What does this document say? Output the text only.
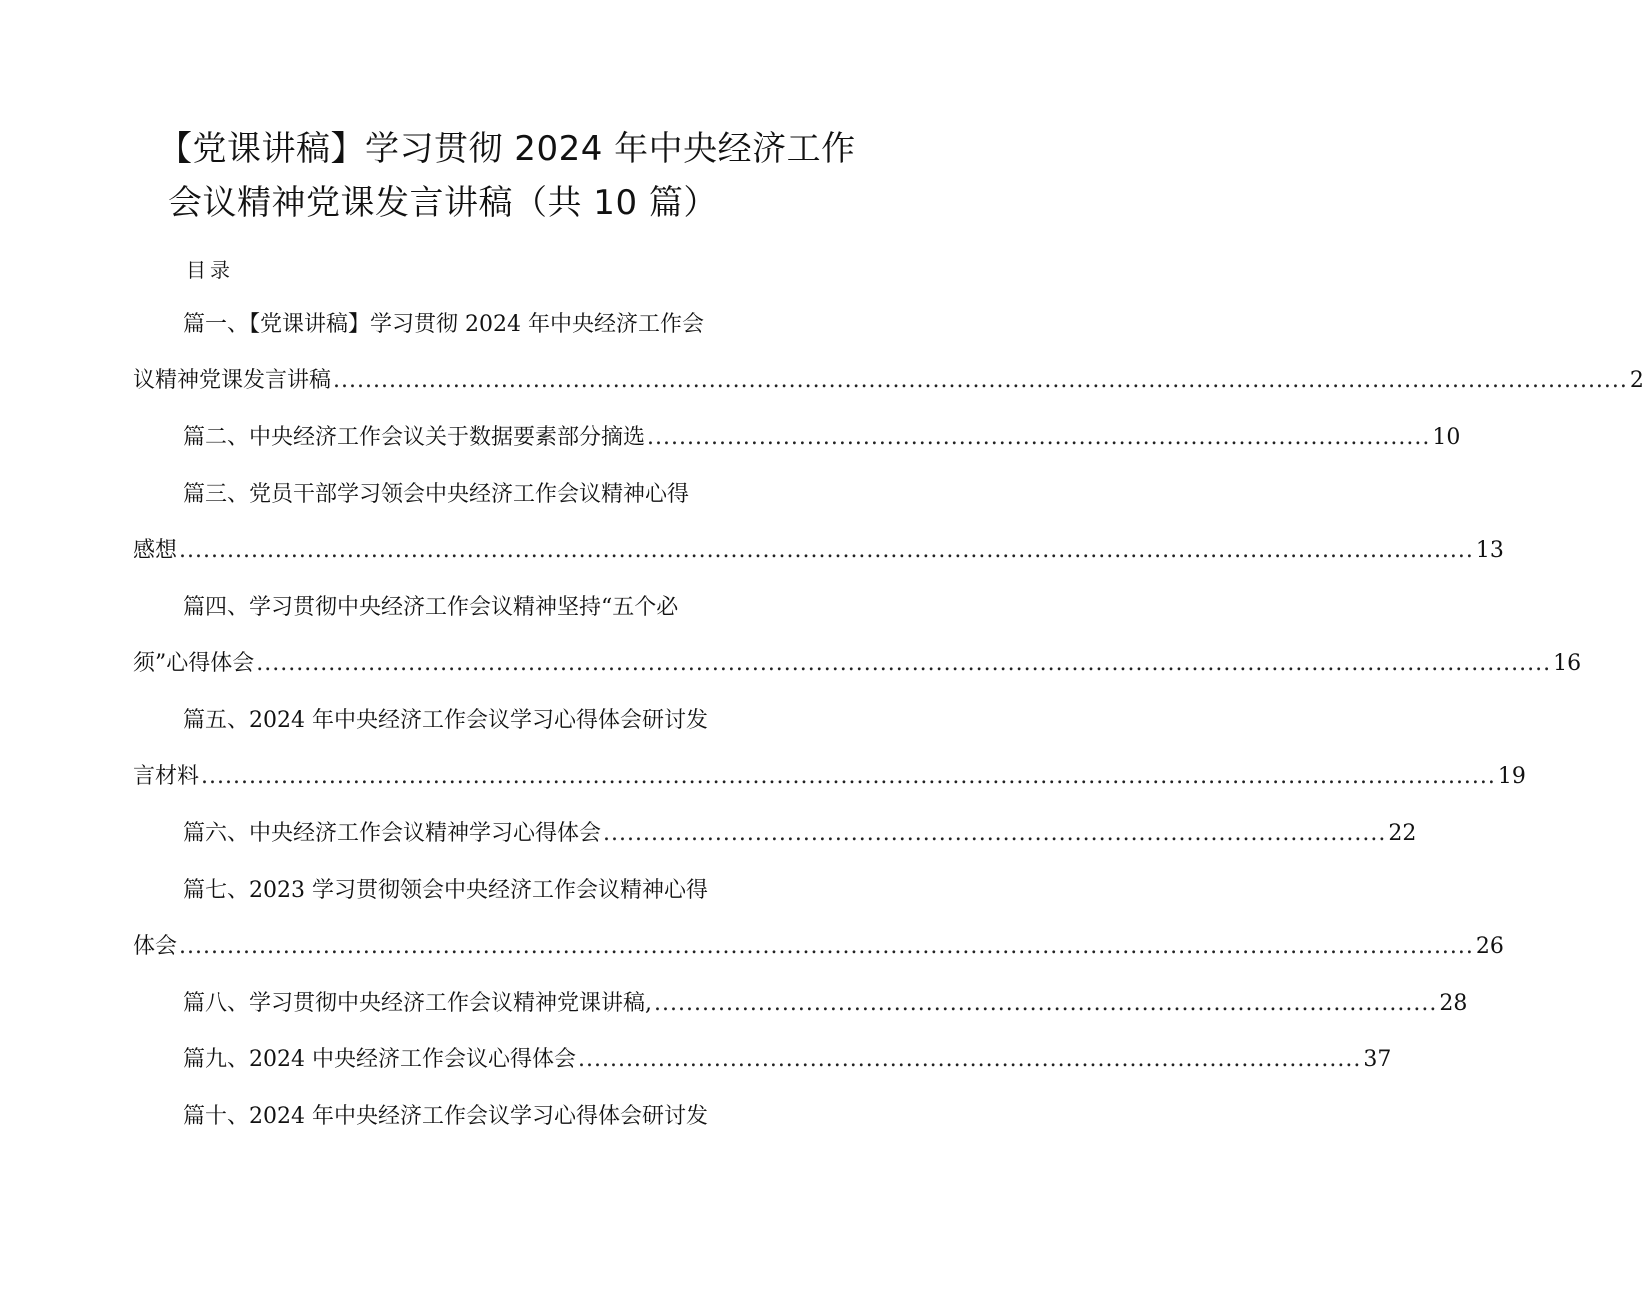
【党课讲稿】学习贯彻 2024 年中央经济工作
会议精神党课发言讲稿（共 10 篇）
目录
篇一、【党课讲稿】学习贯彻 2024 年中央经济工作会
议精神党课发言讲稿 .................................................................................................................................................................. 2
篇二、中央经济工作会议关于数据要素部分摘选 .................................................................................................. 10
篇三、党员干部学习领会中央经济工作会议精神心得
感想 .................................................................................................................................................................. 13
篇四、学习贯彻中央经济工作会议精神坚持“五个必
须”心得体会 .................................................................................................................................................................. 16
篇五、2024 年中央经济工作会议学习心得体会研讨发
言材料 .................................................................................................................................................................. 19
篇六、中央经济工作会议精神学习心得体会 .................................................................................................. 22
篇七、2023 学习贯彻领会中央经济工作会议精神心得
体会 .................................................................................................................................................................. 26
篇八、学习贯彻中央经济工作会议精神党课讲稿, .................................................................................................. 28
篇九、2024 中央经济工作会议心得体会 .................................................................................................. 37
篇十、2024 年中央经济工作会议学习心得体会研讨发
